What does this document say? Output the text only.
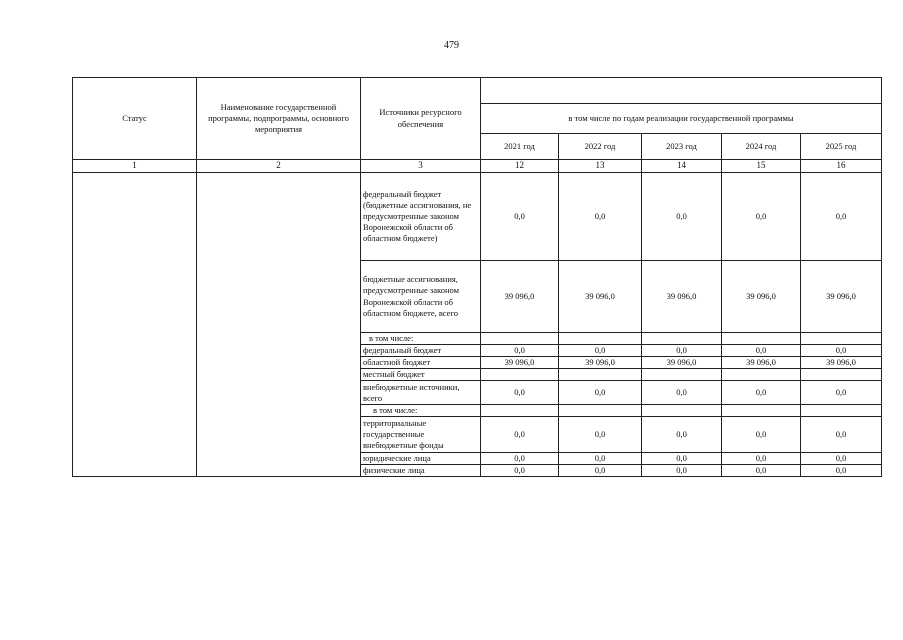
479
Статус	Наименование государственной программы, подпрограммы, основного мероприятия	Источники ресурсного обеспечения					
			в том числе по годам реализации государственной программы				
			2021 год	2022 год	2023 год	2024 год	2025 год
1	2	3	12	13	14	15	16
		федеральный бюджет (бюджетные ассигнования, не предусмотренные законом Воронежской области об областном бюджете)	0,0	0,0	0,0	0,0	0,0
		бюджетные ассигнования, предусмотренные законом Воронежской области об областном бюджете, всего	39 096,0	39 096,0	39 096,0	39 096,0	39 096,0
		в том числе:					
		федеральный бюджет	0,0	0,0	0,0	0,0	0,0
		областной бюджет	39 096,0	39 096,0	39 096,0	39 096,0	39 096,0
		местный бюджет					
		внебюджетные источники, всего	0,0	0,0	0,0	0,0	0,0
		в том числе:					
		территориальные государственные внебюджетные фонды	0,0	0,0	0,0	0,0	0,0
		юридические лица	0,0	0,0	0,0	0,0	0,0
		физические лица	0,0	0,0	0,0	0,0	0,0
